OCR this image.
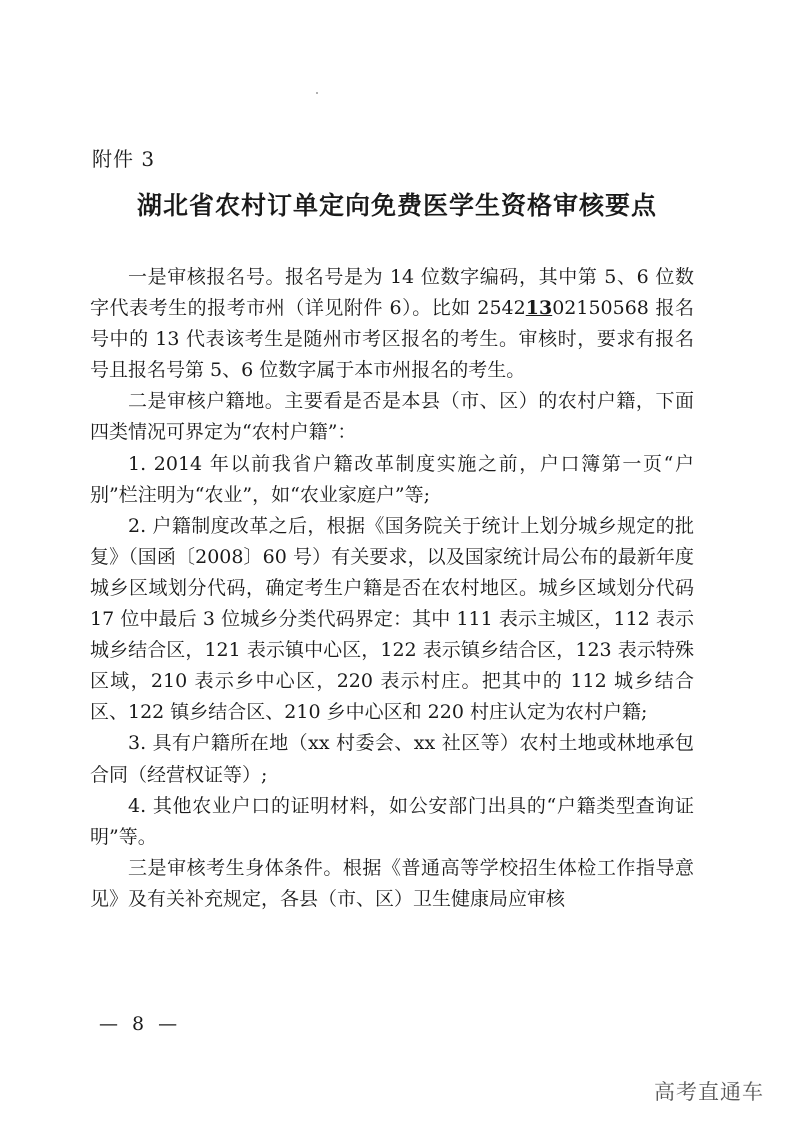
附件 3
湖北省农村订单定向免费医学生资格审核要点

一是审核报名号。报名号是为 14 位数字编码，其中第 5、6 位数字代表考生的报考市州（详见附件 6）。比如 25421302150568 报名号中的 13 代表该考生是随州市考区报名的考生。审核时，要求有报名号且报名号第 5、6 位数字属于本市州报名的考生。

二是审核户籍地。主要看是否是本县（市、区）的农村户籍，下面四类情况可界定为“农村户籍”：

1. 2014 年以前我省户籍改革制度实施之前，户口簿第一页“户别”栏注明为“农业”，如“农业家庭户”等;

2. 户籍制度改革之后，根据《国务院关于统计上划分城乡规定的批复》（国函〔2008〕60 号）有关要求，以及国家统计局公布的最新年度城乡区域划分代码，确定考生户籍是否在农村地区。城乡区域划分代码 17 位中最后 3 位城乡分类代码界定：其中 111 表示主城区，112 表示城乡结合区，121 表示镇中心区，122 表示镇乡结合区，123 表示特殊区域，210 表示乡中心区，220 表示村庄。把其中的 112 城乡结合区、122 镇乡结合区、210 乡中心区和 220 村庄认定为农村户籍;

3. 具有户籍所在地（xx 村委会、xx 社区等）农村土地或林地承包合同（经营权证等）;

4. 其他农业户口的证明材料，如公安部门出具的“户籍类型查询证明”等。

三是审核考生身体条件。根据《普通高等学校招生体检工作指导意见》及有关补充规定，各县（市、区）卫生健康局应审核

— 8 —
高考直通车
